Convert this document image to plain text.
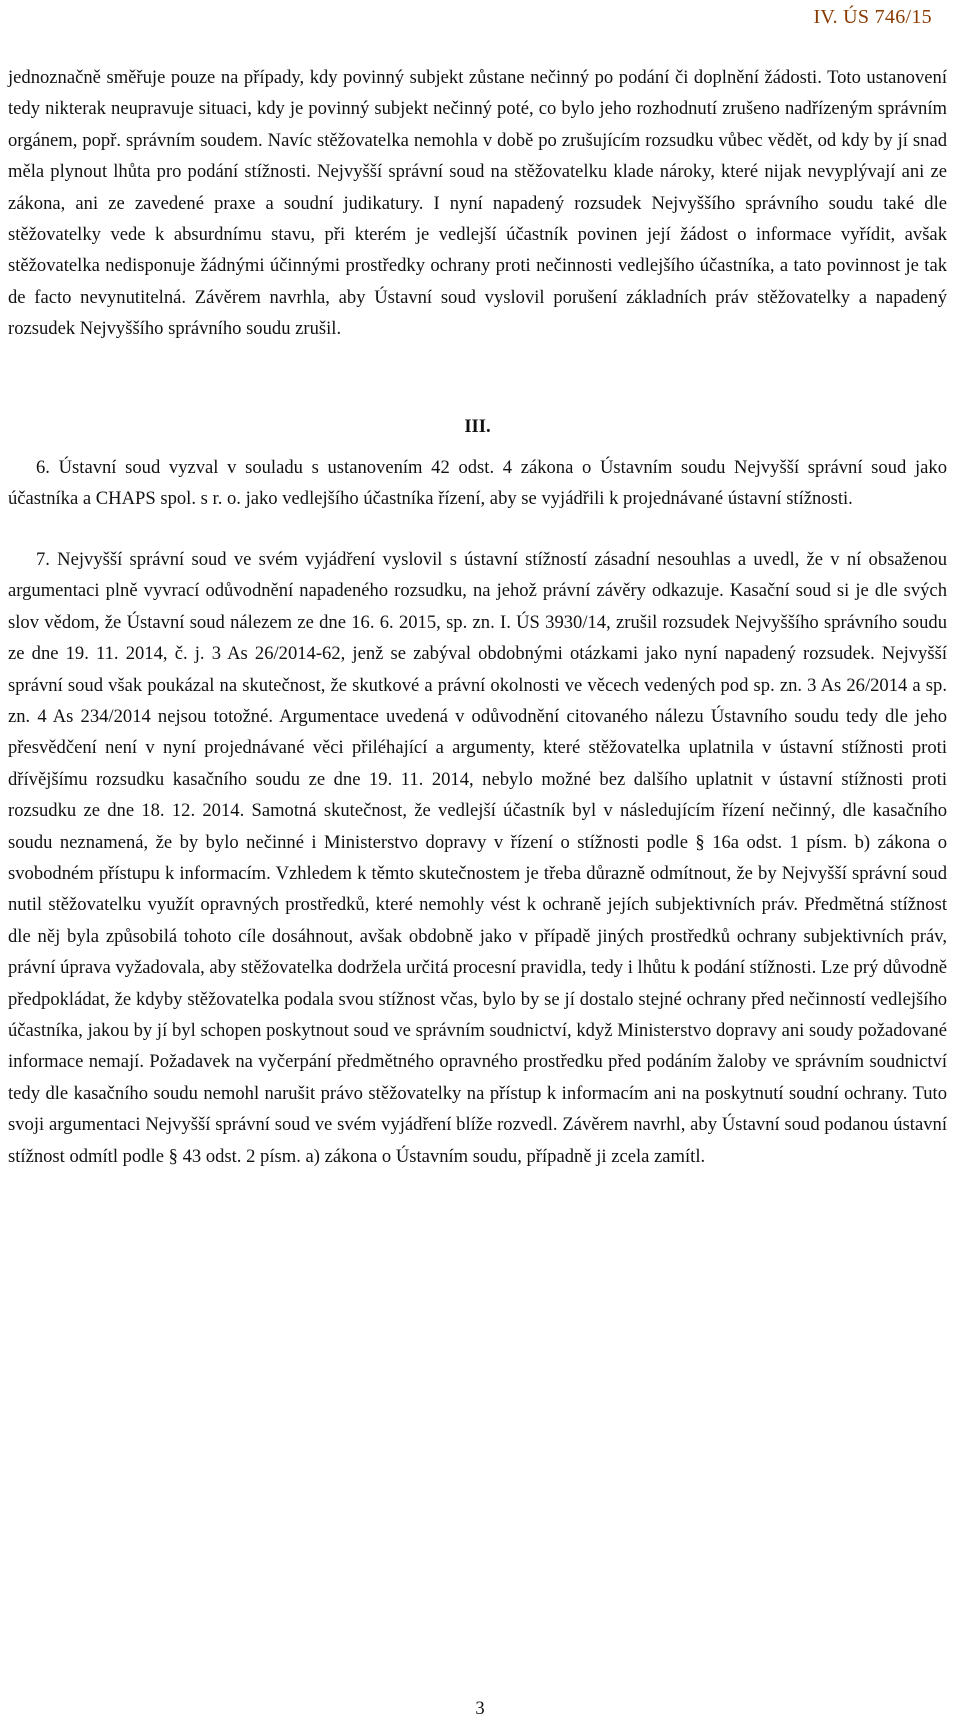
IV. ÚS 746/15

jednoznačně směřuje pouze na případy, kdy povinný subjekt zůstane nečinný po podání či doplnění žádosti. Toto ustanovení tedy nikterak neupravuje situaci, kdy je povinný subjekt nečinný poté, co bylo jeho rozhodnutí zrušeno nadřízeným správním orgánem, popř. správním soudem. Navíc stěžovatelka nemohla v době po zrušujícím rozsudku vůbec vědět, od kdy by jí snad měla plynout lhůta pro podání stížnosti. Nejvyšší správní soud na stěžovatelku klade nároky, které nijak nevyplývají ani ze zákona, ani ze zavedené praxe a soudní judikatury. I nyní napadený rozsudek Nejvyššího správního soudu také dle stěžovatelky vede k absurdnímu stavu, při kterém je vedlejší účastník povinen její žádost o informace vyřídit, avšak stěžovatelka nedisponuje žádnými účinnými prostředky ochrany proti nečinnosti vedlejšího účastníka, a tato povinnost je tak de facto nevynutitelná. Závěrem navrhla, aby Ústavní soud vyslovil porušení základních práv stěžovatelky a napadený rozsudek Nejvyššího správního soudu zrušil.

III.

6. Ústavní soud vyzval v souladu s ustanovením 42 odst. 4 zákona o Ústavním soudu Nejvyšší správní soud jako účastníka a CHAPS spol. s r. o. jako vedlejšího účastníka řízení, aby se vyjádřili k projednávané ústavní stížnosti.

7. Nejvyšší správní soud ve svém vyjádření vyslovil s ústavní stížností zásadní nesouhlas a uvedl, že v ní obsaženou argumentaci plně vyvrací odůvodnění napadeného rozsudku, na jehož právní závěry odkazuje. Kasační soud si je dle svých slov vědom, že Ústavní soud nálezem ze dne 16. 6. 2015, sp. zn. I. ÚS 3930/14, zrušil rozsudek Nejvyššího správního soudu ze dne 19. 11. 2014, č. j. 3 As 26/2014-62, jenž se zabýval obdobnými otázkami jako nyní napadený rozsudek. Nejvyšší správní soud však poukázal na skutečnost, že skutkové a právní okolnosti ve věcech vedených pod sp. zn. 3 As 26/2014 a sp. zn. 4 As 234/2014 nejsou totožné. Argumentace uvedená v odůvodnění citovaného nálezu Ústavního soudu tedy dle jeho přesvědčení není v nyní projednávané věci přiléhající a argumenty, které stěžovatelka uplatnila v ústavní stížnosti proti dřívějšímu rozsudku kasačního soudu ze dne 19. 11. 2014, nebylo možné bez dalšího uplatnit v ústavní stížnosti proti rozsudku ze dne 18. 12. 2014. Samotná skutečnost, že vedlejší účastník byl v následujícím řízení nečinný, dle kasačního soudu neznamená, že by bylo nečinné i Ministerstvo dopravy v řízení o stížnosti podle § 16a odst. 1 písm. b) zákona o svobodném přístupu k informacím. Vzhledem k těmto skutečnostem je třeba důrazně odmítnout, že by Nejvyšší správní soud nutil stěžovatelku využít opravných prostředků, které nemohly vést k ochraně jejích subjektivních práv. Předmětná stížnost dle něj byla způsobilá tohoto cíle dosáhnout, avšak obdobně jako v případě jiných prostředků ochrany subjektivních práv, právní úprava vyžadovala, aby stěžovatelka dodržela určitá procesní pravidla, tedy i lhůtu k podání stížnosti. Lze prý důvodně předpokládat, že kdyby stěžovatelka podala svou stížnost včas, bylo by se jí dostalo stejné ochrany před nečinností vedlejšího účastníka, jakou by jí byl schopen poskytnout soud ve správním soudnictví, když Ministerstvo dopravy ani soudy požadované informace nemají. Požadavek na vyčerpání předmětného opravného prostředku před podáním žaloby ve správním soudnictví tedy dle kasačního soudu nemohl narušit právo stěžovatelky na přístup k informacím ani na poskytnutí soudní ochrany. Tuto svoji argumentaci Nejvyšší správní soud ve svém vyjádření blíže rozvedl. Závěrem navrhl, aby Ústavní soud podanou ústavní stížnost odmítl podle § 43 odst. 2 písm. a) zákona o Ústavním soudu, případně ji zcela zamítl.

3
